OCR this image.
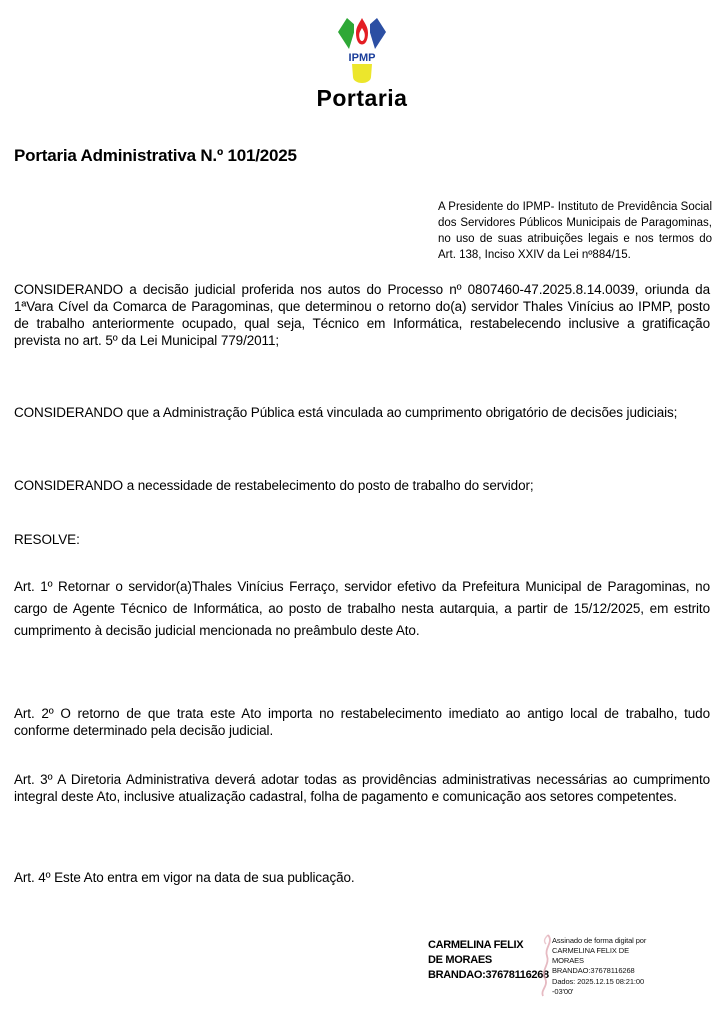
IPMP
Portaria
Portaria Administrativa N.º 101/2025
A Presidente do IPMP- Instituto de Previdência Social dos Servidores Públicos Municipais de Paragominas, no uso de suas atribuições legais e nos termos do Art. 138, Inciso XXIV da Lei nº884/15.
CONSIDERANDO a decisão judicial proferida nos autos do Processo nº 0807460-47.2025.8.14.0039, oriunda da 1ªVara Cível da Comarca de Paragominas, que determinou o retorno do(a) servidor Thales Vinícius ao IPMP, posto de trabalho anteriormente ocupado, qual seja, Técnico em Informática, restabelecendo inclusive a gratificação prevista no art. 5º da Lei Municipal 779/2011;
CONSIDERANDO que a Administração Pública está vinculada ao cumprimento obrigatório de decisões judiciais;
CONSIDERANDO a necessidade de restabelecimento do posto de trabalho do servidor;
RESOLVE:
Art. 1º Retornar o servidor(a)Thales Vinícius Ferraço, servidor efetivo da Prefeitura Municipal de Paragominas, no cargo de Agente Técnico de Informática, ao posto de trabalho nesta autarquia, a partir de 15/12/2025, em estrito cumprimento à decisão judicial mencionada no preâmbulo deste Ato.
Art. 2º O retorno de que trata este Ato importa no restabelecimento imediato ao antigo local de trabalho, tudo conforme determinado pela decisão judicial.
Art. 3º A Diretoria Administrativa deverá adotar todas as providências administrativas necessárias ao cumprimento integral deste Ato, inclusive atualização cadastral, folha de pagamento e comunicação aos setores competentes.
Art. 4º Este Ato entra em vigor na data de sua publicação.
CARMELINA FELIX DE MORAES BRANDAO:37678116268
Assinado de forma digital por CARMELINA FELIX DE MORAES BRANDAO:37678116268 Dados: 2025.12.15 08:21:00 -03'00'
